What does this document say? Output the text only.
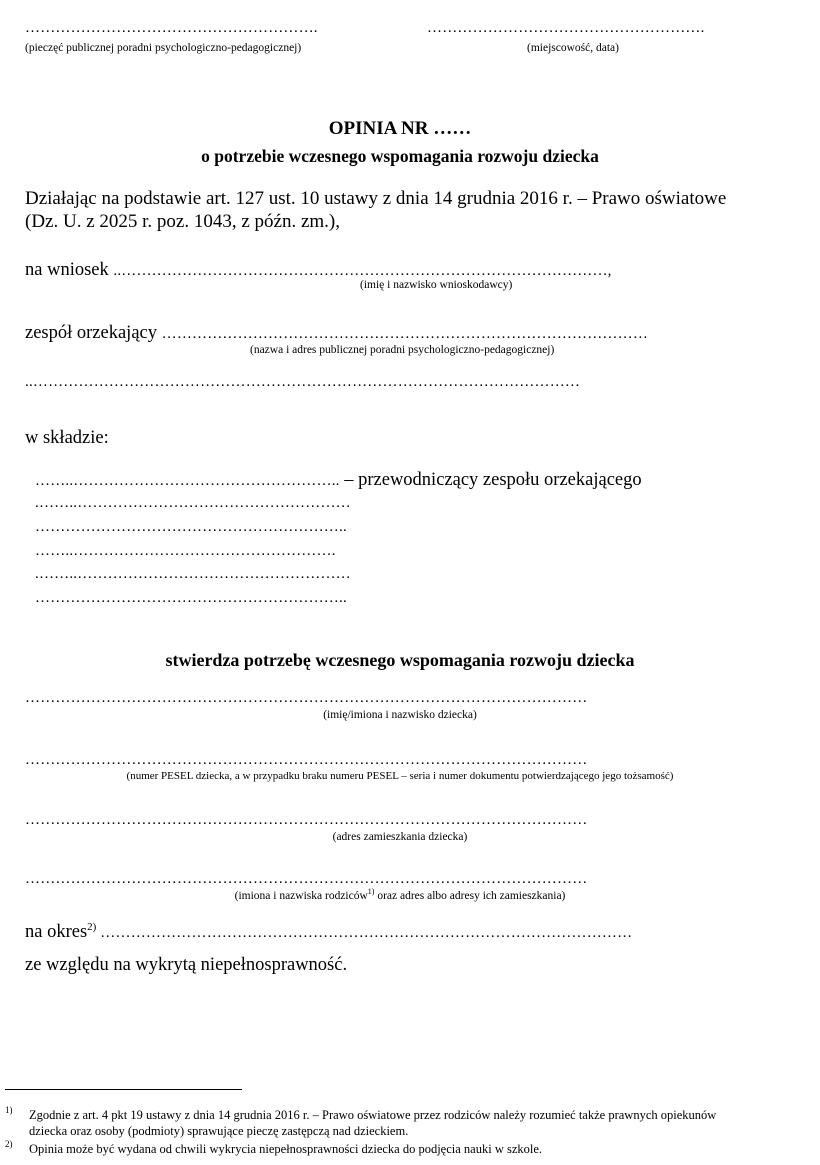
………………………………………………….
(pieczęć publicznej poradni psychologiczno-pedagogicznej)
……………………………………………….
(miejscowość, data)
OPINIA NR ……
o potrzebie wczesnego wspomagania rozwoju dziecka
Działając na podstawie art. 127 ust. 10 ustawy z dnia 14 grudnia 2016 r. – Prawo oświatowe
(Dz. U. z 2025 r. poz. 1043, z późn. zm.),
na wniosek ..……………………………………………………………………………………,
(imię i nazwisko wnioskodawcy)
zespół orzekający ……………………………………………………………………………………
(nazwa i adres publicznej poradni psychologiczno-pedagogicznej)
..………………………………………………………………………………………………
w składzie:
……..…………………………………………….. – przewodniczący zespołu orzekającego
.……..………………………………………………
……………………………………………………..
……..…………………………………………….
.……..………………………………………………
……………………………………………………..
stwierdza potrzebę wczesnego wspomagania rozwoju dziecka
…………………………………………………………………………………………………
(imię/imiona i nazwisko dziecka)
…………………………………………………………………………………………………
(numer PESEL dziecka, a w przypadku braku numeru PESEL – seria i numer dokumentu potwierdzającego jego tożsamość)
…………………………………………………………………………………………………
(adres zamieszkania dziecka)
…………………………………………………………………………………………………
(imiona i nazwiska rodziców$^{1)}$ oraz adres albo adresy ich zamieszkania)
na okres$^{2)}$ ……………………………………………………………………………………………
ze względu na wykrytą niepełnosprawność.
1) Zgodnie z art. 4 pkt 19 ustawy z dnia 14 grudnia 2016 r. – Prawo oświatowe przez rodziców należy rozumieć także prawnych opiekunów
dziecka oraz osoby (podmioty) sprawujące pieczę zastępczą nad dzieckiem.
2) Opinia może być wydana od chwili wykrycia niepełnosprawności dziecka do podjęcia nauki w szkole.
